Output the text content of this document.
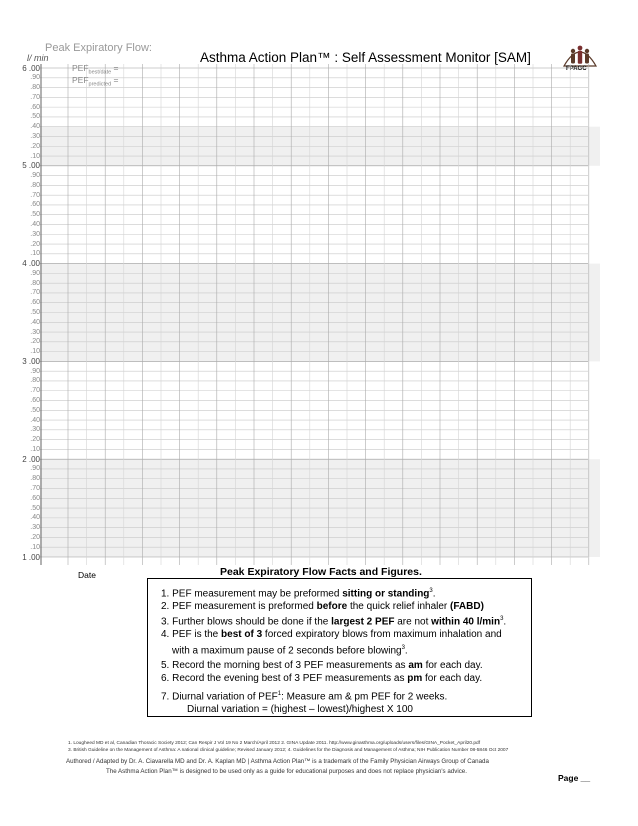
Peak Expiratory Flow:
l/ min	Asthma Action Plan™ : Self Assessment Monitor [SAM]
FPAGC
6 .00
.90
.80
.70
.60
.50
.40
.30
.20
.10
5 .00
.90
.80
.70
.60
.50
.40
.30
.20
.10
4 .00
.90
.80
.70
.60
.50
.40
.30
.20
.10
3 .00
.90
.80
.70
.60
.50
.40
.30
.20
.10
2 .00
.90
.80
.70
.60
.50
.40
.30
.20
.10
1 .00
$PEF_{best/date}$ =
$PEF_{predicted}$ =
Date	Peak Expiratory Flow Facts and Figures.
1. PEF measurement may be preformed sitting or standing$^3$.
2. PEF measurement is preformed before the quick relief inhaler (FABD)
3. Further blows should be done if the largest 2 PEF are not within 40 $l/\min^3$.
4. PEF is the best of 3 forced expiratory blows from maximum inhalation and
with a maximum pause of 2 seconds before blowing$^3$.
5. Record the morning best of 3 PEF measurements as am for each day.
6. Record the evening best of 3 PEF measurements as pm for each day.
7. Diurnal variation of PEF$^1$: Measure am & pm PEF for 2 weeks.
Diurnal variation = (highest – lowest)/highest X 100
1. Lougheed MD et al, Canadian Thoracic Society 2012; Can Respir J Vol 19 No 2 March/April 2012 2. GINA Update 2011. http://www.ginasthma.org/uploads/users/files/GINA_Pocket_April20.pdf
3. British Guideline on the Management of Asthma: A national clinical guideline; Revised January 2012; 4. Guidelines for the Diagnosis and Management of Asthma; NIH Publication Number 08-5846 Oct 2007
Authored / Adapted by Dr. A. Ciavarella MD and Dr. A. Kaplan MD | Asthma Action Plan™ is a trademark of the Family Physician Airways Group of Canada
The Asthma Action Plan™ is designed to be used only as a guide for educational purposes and does not replace physician's advice.
Page __
